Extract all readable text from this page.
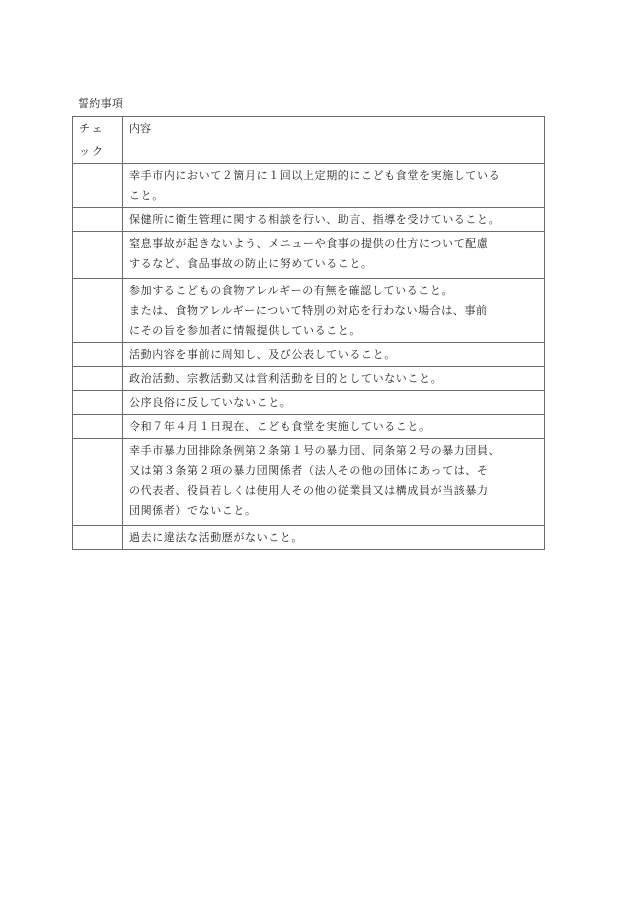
誓約事項
チェック	内容

	幸手市内において２箇月に１回以上定期的にこども食堂を実施している
こと。

	保健所に衛生管理に関する相談を行い、助言、指導を受けていること。

	窒息事故が起きないよう、メニューや食事の提供の仕方について配慮
するなど、食品事故の防止に努めていること。

	参加するこどもの食物アレルギーの有無を確認していること。
または、食物アレルギーについて特別の対応を行わない場合は、事前
にその旨を参加者に情報提供していること。

	活動内容を事前に周知し、及び公表していること。

	政治活動、宗教活動又は営利活動を目的としていないこと。

	公序良俗に反していないこと。

	令和７年４月１日現在、こども食堂を実施していること。

	幸手市暴力団排除条例第２条第１号の暴力団、同条第２号の暴力団員、
又は第３条第２項の暴力団関係者（法人その他の団体にあっては、そ
の代表者、役員若しくは使用人その他の従業員又は構成員が当該暴力
団関係者）でないこと。

	過去に違法な活動歴がないこと。
